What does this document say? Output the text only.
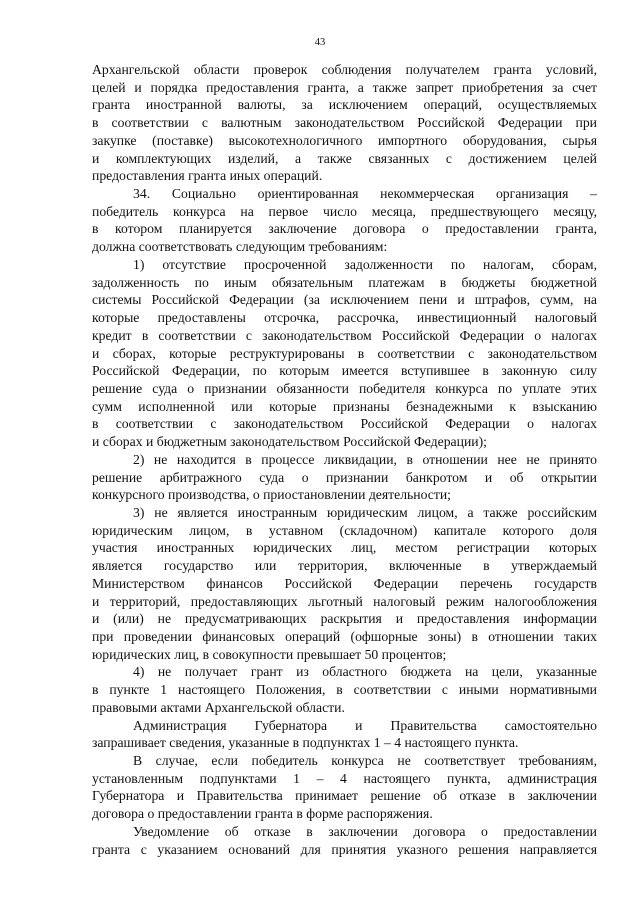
43
Архангельской области проверок соблюдения получателем гранта условий,
целей и порядка предоставления гранта, а также запрет приобретения за счет
гранта иностранной валюты, за исключением операций, осуществляемых
в соответствии с валютным законодательством Российской Федерации при
закупке (поставке) высокотехнологичного импортного оборудования, сырья
и комплектующих изделий, а также связанных с достижением целей
предоставления гранта иных операций.
34. Социально ориентированная некоммерческая организация –
победитель конкурса на первое число месяца, предшествующего месяцу,
в котором планируется заключение договора о предоставлении гранта,
должна соответствовать следующим требованиям:
1) отсутствие просроченной задолженности по налогам, сборам,
задолженность по иным обязательным платежам в бюджеты бюджетной
системы Российской Федерации (за исключением пени и штрафов, сумм, на
которые предоставлены отсрочка, рассрочка, инвестиционный налоговый
кредит в соответствии с законодательством Российской Федерации о налогах
и сборах, которые реструктурированы в соответствии с законодательством
Российской Федерации, по которым имеется вступившее в законную силу
решение суда о признании обязанности победителя конкурса по уплате этих
сумм исполненной или которые признаны безнадежными к взысканию
в соответствии с законодательством Российской Федерации о налогах
и сборах и бюджетным законодательством Российской Федерации);
2) не находится в процессе ликвидации, в отношении нее не принято
решение арбитражного суда о признании банкротом и об открытии
конкурсного производства, о приостановлении деятельности;
3) не является иностранным юридическим лицом, а также российским
юридическим лицом, в уставном (складочном) капитале которого доля
участия иностранных юридических лиц, местом регистрации которых
является государство или территория, включенные в утверждаемый
Министерством финансов Российской Федерации перечень государств
и территорий, предоставляющих льготный налоговый режим налогообложения
и (или) не предусматривающих раскрытия и предоставления информации
при проведении финансовых операций (офшорные зоны) в отношении таких
юридических лиц, в совокупности превышает 50 процентов;
4) не получает грант из областного бюджета на цели, указанные
в пункте 1 настоящего Положения, в соответствии с иными нормативными
правовыми актами Архангельской области.
Администрация Губернатора и Правительства самостоятельно
запрашивает сведения, указанные в подпунктах 1 – 4 настоящего пункта.
В случае, если победитель конкурса не соответствует требованиям,
установленным подпунктами 1 – 4 настоящего пункта, администрация
Губернатора и Правительства принимает решение об отказе в заключении
договора о предоставлении гранта в форме распоряжения.
Уведомление об отказе в заключении договора о предоставлении
гранта с указанием оснований для принятия указного решения направляется
